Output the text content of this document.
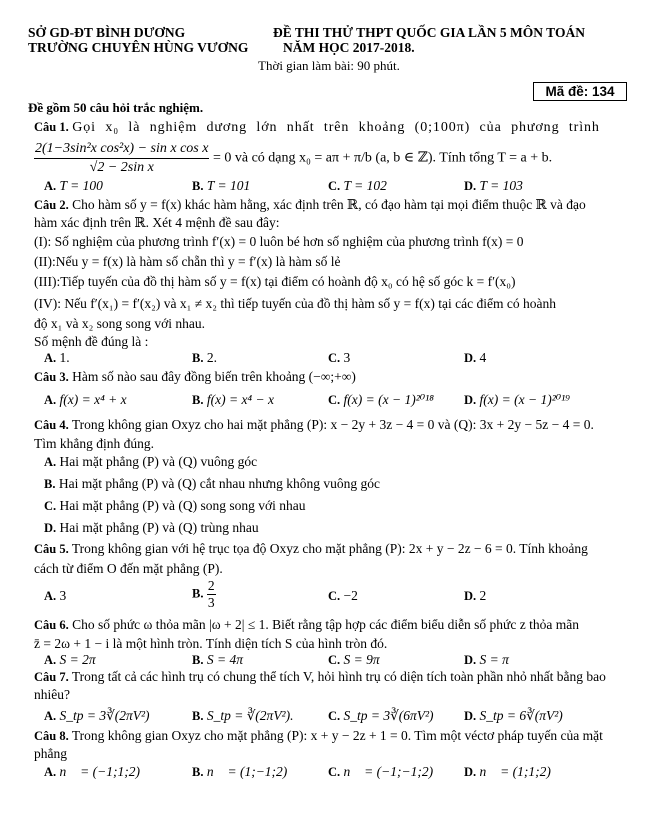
SỞ GD-ĐT BÌNH DƯƠNG
TRƯỜNG CHUYÊN HÙNG VƯƠNG
ĐỀ THI THỬ THPT QUỐC GIA LẦN 5 MÔN TOÁN
NĂM HỌC 2017-2018.
Thời gian làm bài: 90 phút.
Mã đề: 134
Đề gồm 50 câu hỏi trắc nghiệm.
Câu 1. Gọi x₀ là nghiệm dương lớn nhất trên khoảng (0;100π) của phương trình
$\frac{\text{2(1−3sin²x cos²x) − sin x cos x}}{\text{√2 − 2sin x}} = 0$ và có dạng x₀ = aπ + π/b (a, b ∈ ℤ). Tính tổng T = a + b.
A. T = 100	B. T = 101	C. T = 102	D. T = 103
Câu 2. Cho hàm số y = f(x) khác hàm hằng, xác định trên ℝ, có đạo hàm tại mọi điểm thuộc ℝ và đạo
hàm xác định trên ℝ. Xét 4 mệnh đề sau đây:
(I): Số nghiệm của phương trình f′(x) = 0 luôn bé hơn số nghiệm của phương trình f(x) = 0
(II):Nếu y = f(x) là hàm số chẵn thì y = f′(x) là hàm số lẻ
(III):Tiếp tuyến của đồ thị hàm số y = f(x) tại điểm có hoành độ x₀ có hệ số góc k = f′(x₀)
(IV): Nếu f′(x₁) = f′(x₂) và x₁ ≠ x₂ thì tiếp tuyến của đồ thị hàm số y = f(x) tại các điểm có hoành
độ x₁ và x₂ song song với nhau.
Số mệnh đề đúng là :
A. 1.	B. 2.	C. 3	D. 4
Câu 3. Hàm số nào sau đây đồng biến trên khoảng (−∞;+∞)
A. f(x) = x⁴ + x	B. f(x) = x⁴ − x	C. f(x) = (x − 1)²⁰¹⁸ D. f(x) = (x − 1)²⁰¹⁹
Câu 4. Trong không gian Oxyz cho hai mặt phẳng (P): x − 2y + 3z − 4 = 0 và (Q): 3x + 2y − 5z − 4 = 0.
Tìm khẳng định đúng.
A. Hai mặt phẳng (P) và (Q) vuông góc
B. Hai mặt phẳng (P) và (Q) cắt nhau nhưng không vuông góc
C. Hai mặt phẳng (P) và (Q) song song với nhau
D. Hai mặt phẳng (P) và (Q) trùng nhau
Câu 5. Trong không gian với hệ trục tọa độ Oxyz cho mặt phẳng (P): 2x + y − 2z − 6 = 0. Tính khoảng
cách từ điểm O đến mặt phẳng (P).
A. 3	B. $\frac{2}{3}$	C. −2	D. 2
Câu 6. Cho số phức ω thỏa mãn |ω + 2| ≤ 1. Biết rằng tập hợp các điểm biểu diễn số phức z thỏa mãn
z̄ = 2ω + 1 − i là một hình tròn. Tính diện tích S của hình tròn đó.
A. S = 2π	B. S = 4π	C. S = 9π	D. S = π
Câu 7. Trong tất cả các hình trụ có chung thể tích V, hỏi hình trụ có diện tích toàn phần nhỏ nhất bằng bao
nhiêu?
A. S_tp = 3∛(2πV²)	B. S_tp = ∛(2πV²).	C. S_tp = 3∛(6πV²) D. S_tp = 6∛(πV²)
Câu 8. Trong không gian Oxyz cho mặt phẳng (P): x + y − 2z + 1 = 0. Tìm một véctơ pháp tuyến của mặt
phẳng
A. n⃗ = (−1;1;2)	B. n⃗ = (1;−1;2)	C. n⃗ = (−1;−1;2) D. n⃗ = (1;1;2)
